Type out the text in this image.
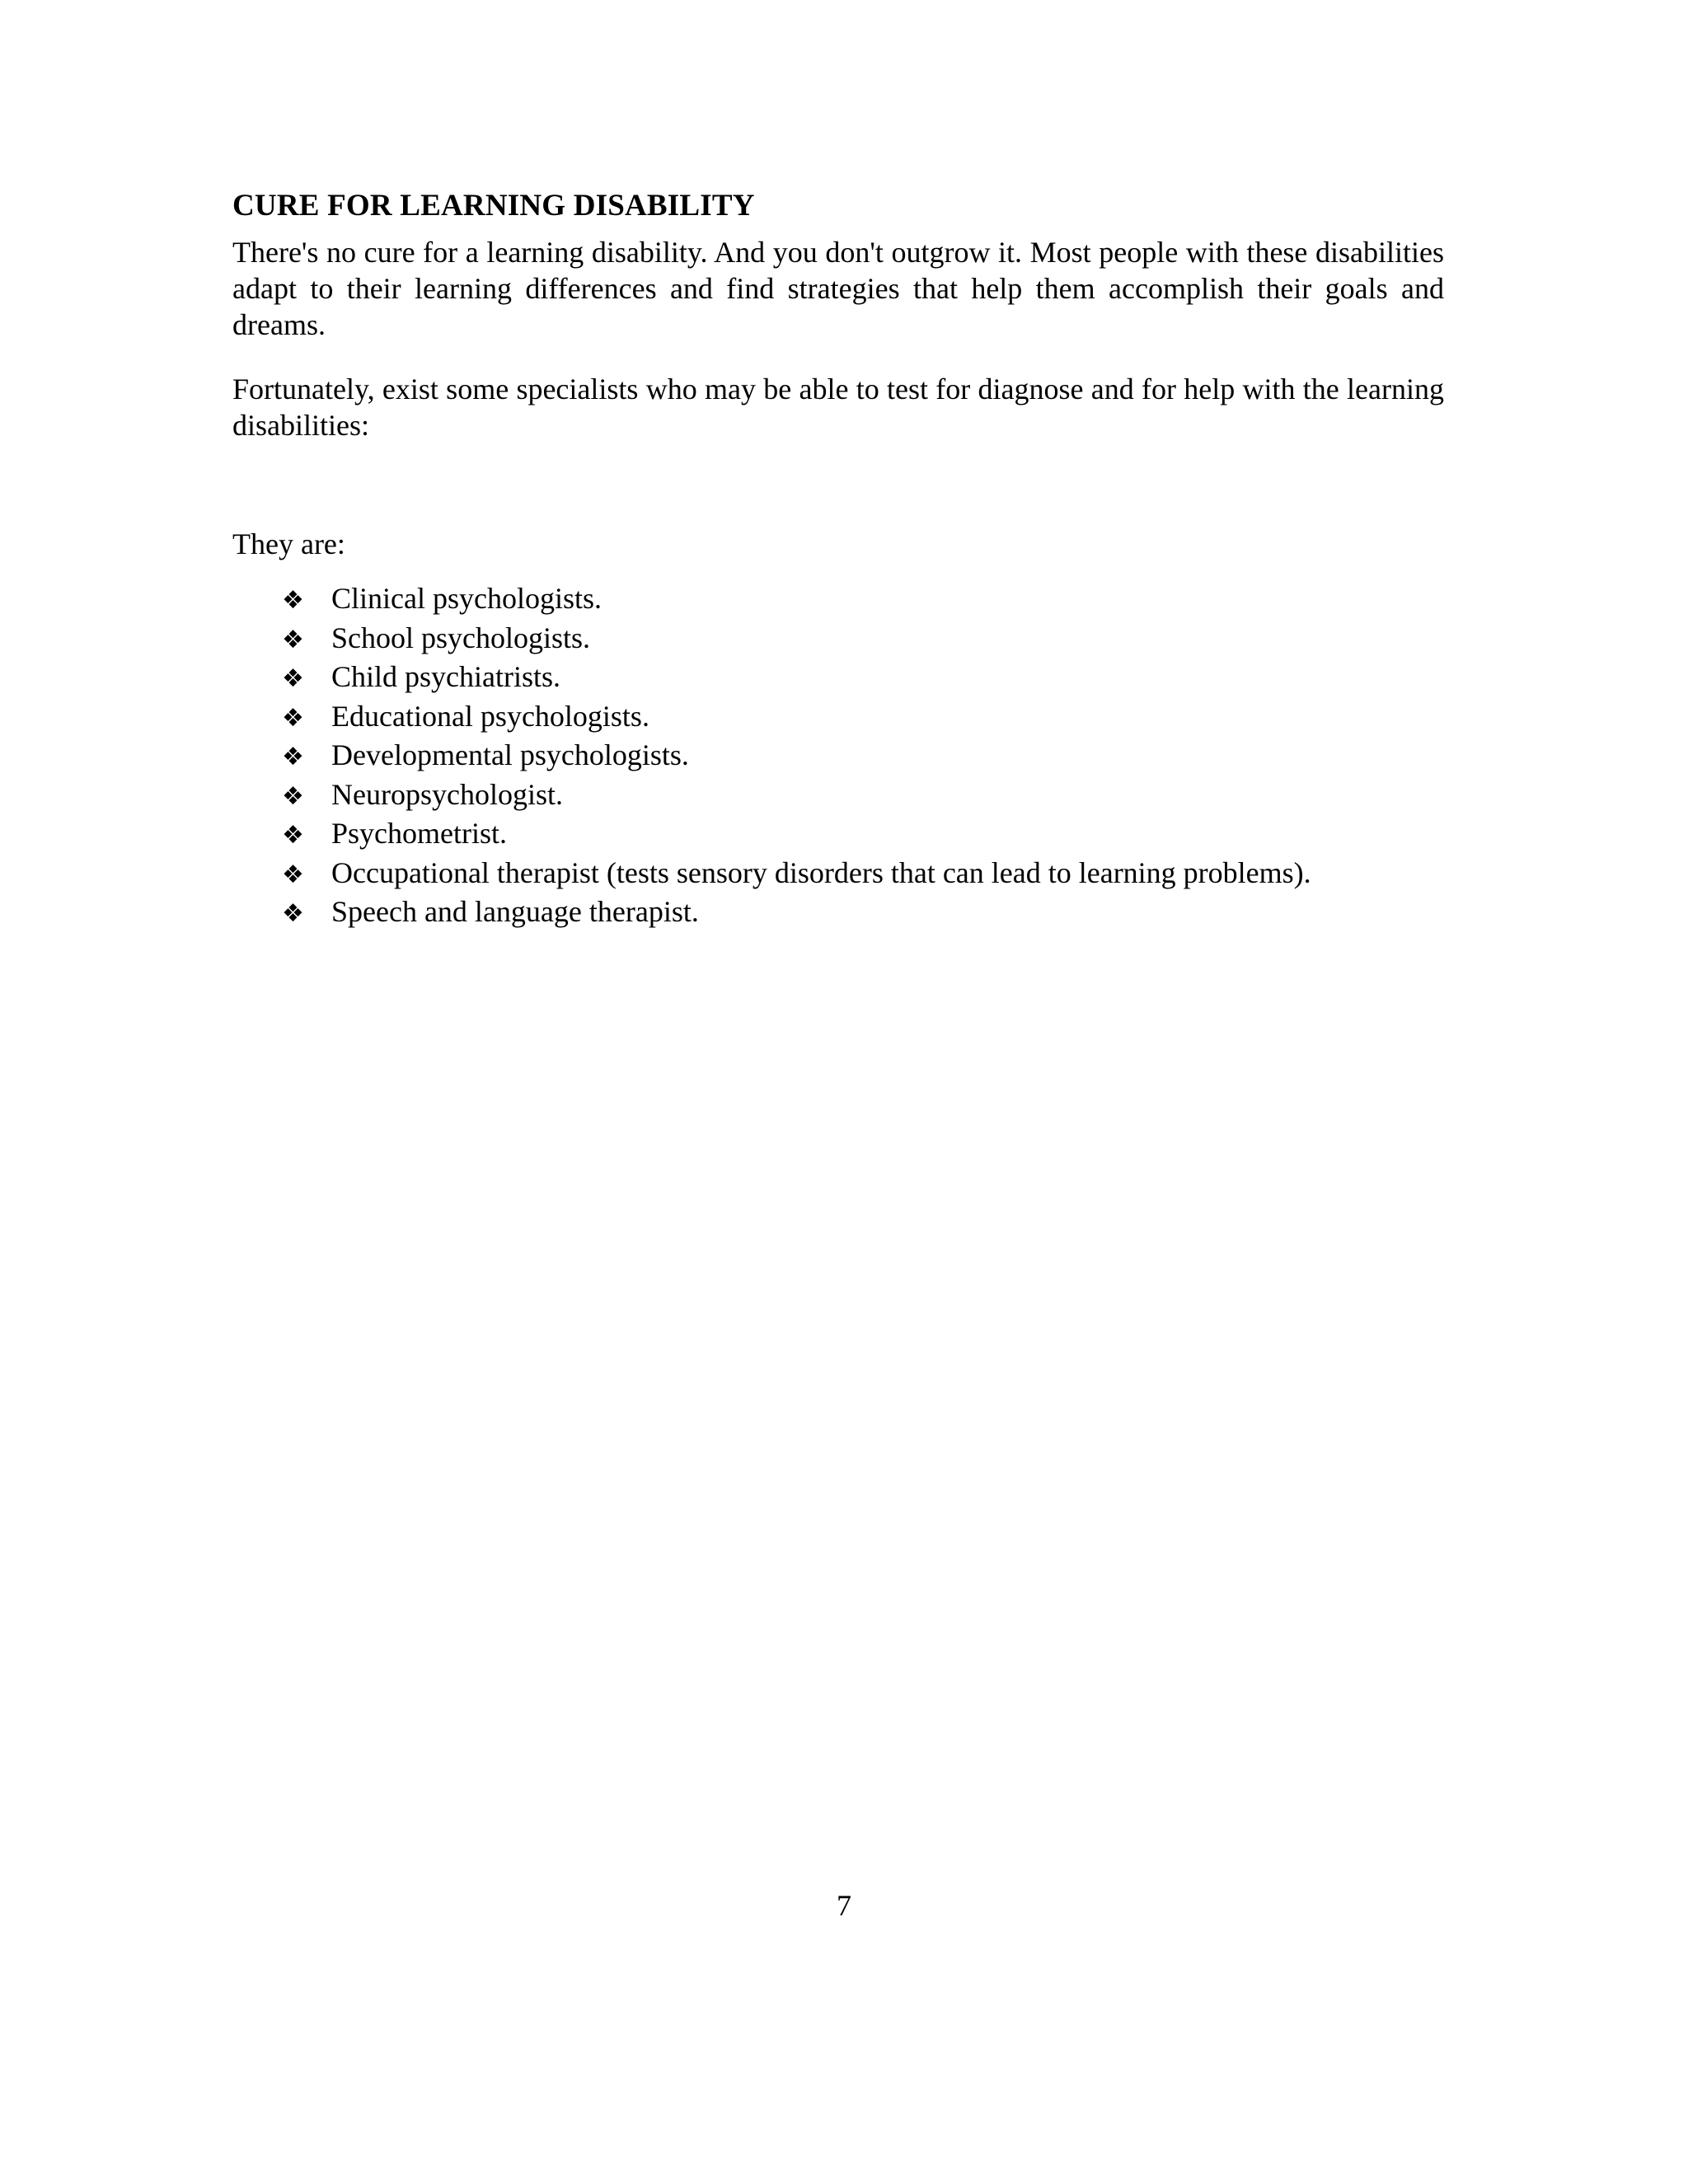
CURE FOR LEARNING DISABILITY

There's no cure for a learning disability. And you don't outgrow it. Most people with these disabilities adapt to their learning differences and find strategies that help them accomplish their goals and dreams.

Fortunately, exist some specialists who may be able to test for diagnose and for help with the learning disabilities:

They are:

❖ Clinical psychologists.
❖ School psychologists.
❖ Child psychiatrists.
❖ Educational psychologists.
❖ Developmental psychologists.
❖ Neuropsychologist.
❖ Psychometrist.
❖ Occupational therapist (tests sensory disorders that can lead to learning problems).
❖ Speech and language therapist.
7
